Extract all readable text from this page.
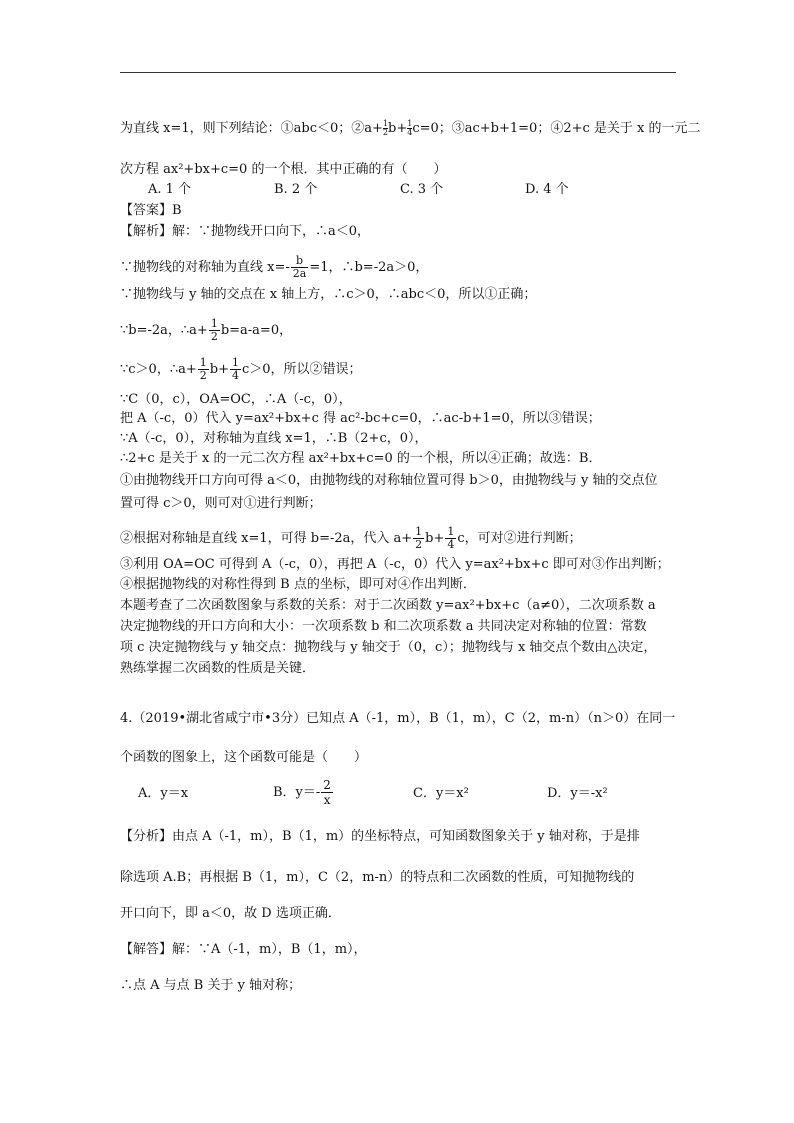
为直线 x=1，则下列结论：①abc＜0；②a+ $\frac{1}{2} b+ \frac{1}{4} c=0$；③ac+b+1=0；④2+c 是关于 x 的一元二
次方程 ax²+bx+c=0 的一个根．其中正确的有（　　）
A. 1 个	B. 2 个	C. 3 个	D. 4 个
【答案】B
【解析】解：∵抛物线开口向下，∴a＜0，
∵抛物线的对称轴为直线 $x=- \frac{b}{2a} =1$，∴b=-2a＞0，
∵抛物线与 y 轴的交点在 x 轴上方，∴c＞0，∴abc＜0，所以①正确；
∵b=-2a，∴a+ $\frac{1}{2} b=a-a=0$，
∵c＞0，∴a+ $\frac{1}{2} b+ \frac{1}{4} c>0$，所以②错误；
∵C（0，c），OA=OC，∴A（-c，0），
把 A（-c，0）代入 y=ax²+bx+c 得 ac²-bc+c=0，∴ac-b+1=0，所以③错误；
∵A（-c，0），对称轴为直线 x=1，∴B（2+c，0），
∴2+c 是关于 x 的一元二次方程 ax²+bx+c=0 的一个根，所以④正确；故选：B．
①由抛物线开口方向可得 a＜0，由抛物线的对称轴位置可得 b＞0，由抛物线与 y 轴的交点位
置可得 c＞0，则可对①进行判断；
②根据对称轴是直线 x=1，可得 b=-2a，代入 $a+ \frac{1}{2} b+ \frac{1}{4}$ c，可对②进行判断；
③利用 OA=OC 可得到 A（-c，0），再把 A（-c，0）代入 y=ax²+bx+c 即可对③作出判断；
④根据抛物线的对称性得到 B 点的坐标，即可对④作出判断．
本题考查了二次函数图象与系数的关系：对于二次函数 y=ax²+bx+c（a≠0），二次项系数 a
决定抛物线的开口方向和大小：一次项系数 b 和二次项系数 a 共同决定对称轴的位置：常数
项 c 决定抛物线与 y 轴交点：抛物线与 y 轴交于（0，c）；抛物线与 x 轴交点个数由△决定，
熟练掌握二次函数的性质是关键．
4.（2019•湖北省咸宁市•3分）已知点 A（-1，m），B（1，m），C（2，m-n）（n＞0）在同一
个函数的图象上，这个函数可能是（　　）
A．y＝x	B．$y=- \frac{2}{x}$	C．y＝x²	D．y＝-x²
【分析】由点 A（-1，m），B（1，m）的坐标特点，可知函数图象关于 y 轴对称，于是排
除选项 A.B；再根据 B（1，m），C（2，m-n）的特点和二次函数的性质，可知抛物线的
开口向下，即 a＜0，故 D 选项正确．
【解答】解：∵A（-1，m），B（1，m），
∴点 A 与点 B 关于 y 轴对称；
